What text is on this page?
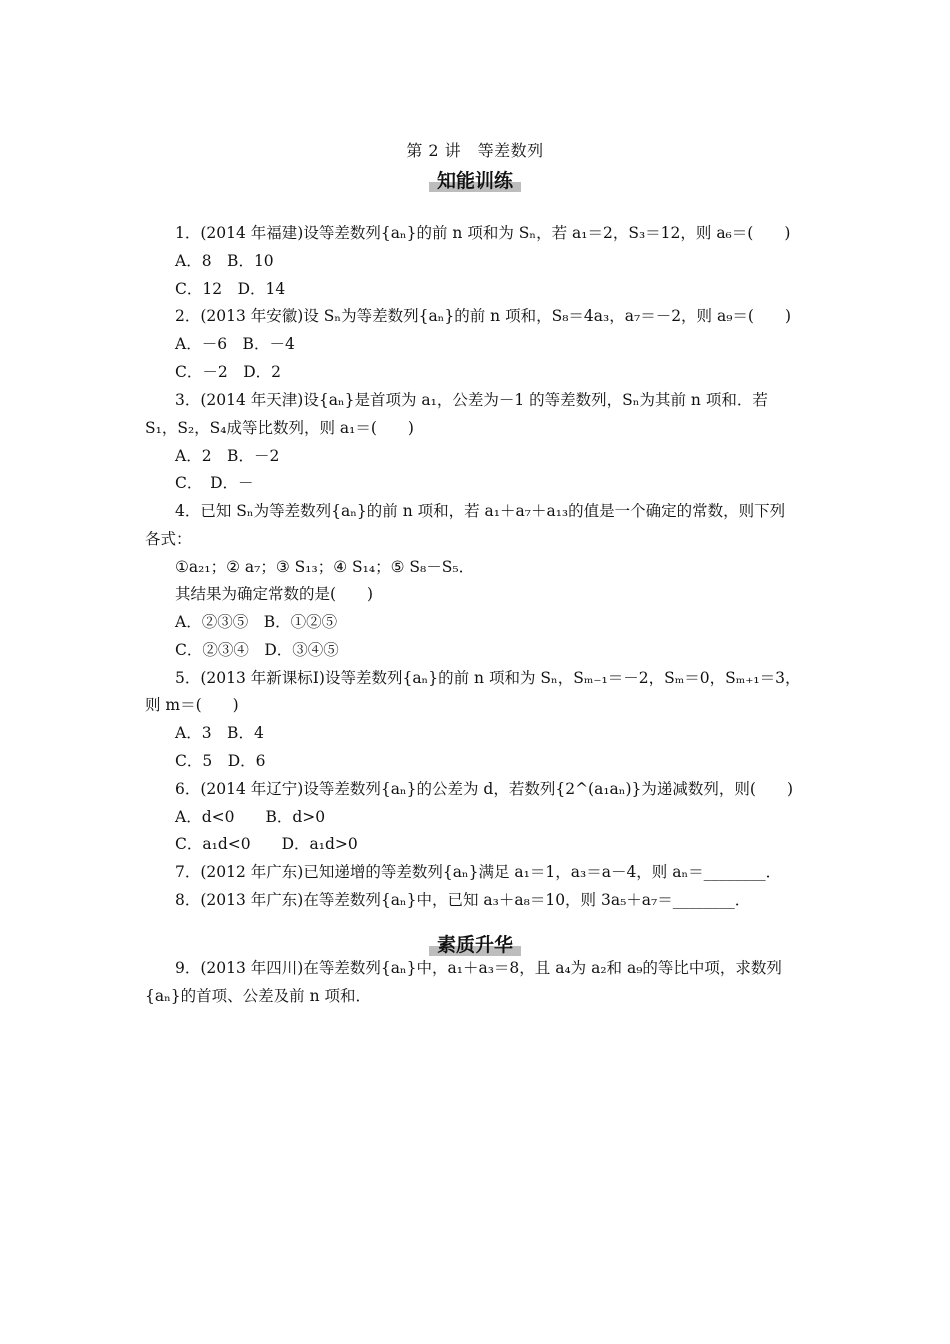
第 2 讲　等差数列
知能训练
1．(2014 年福建)设等差数列{aₙ}的前 n 项和为 Sₙ，若 a₁＝2，S₃＝12，则 a₆＝(　　)
A．8　B．10
C．12　D．14
2．(2013 年安徽)设 Sₙ为等差数列{aₙ}的前 n 项和，S₈＝4a₃，a₇＝－2，则 a₉＝(　　)
A．－6　B．－4
C．－2　D．2
3．(2014 年天津)设{aₙ}是首项为 a₁，公差为－1 的等差数列，Sₙ为其前 n 项和．若
S₁，S₂，S₄成等比数列，则 a₁＝(　　)
A．2　B．－2
C．　D．－
4．已知 Sₙ为等差数列{aₙ}的前 n 项和，若 a₁＋a₇＋a₁₃的值是一个确定的常数，则下列
各式：
①a₂₁；② a₇；③ S₁₃；④ S₁₄；⑤ S₈－S₅．
其结果为确定常数的是(　　)
A．②③⑤　B．①②⑤
C．②③④　D．③④⑤
5．(2013 年新课标Ⅰ)设等差数列{aₙ}的前 n 项和为 Sₙ，Sₘ₋₁＝－2，Sₘ＝0，Sₘ₊₁＝3，
则 m＝(　　)
A．3　B．4
C．5　D．6
6．(2014 年辽宁)设等差数列{aₙ}的公差为 d，若数列{2^(a₁aₙ)}为递减数列，则(　　)
A．d<0　　B．d>0
C．a₁d<0　　D．a₁d>0
7．(2012 年广东)已知递增的等差数列{aₙ}满足 a₁＝1，a₃＝a－4，则 aₙ＝________．
8．(2013 年广东)在等差数列{aₙ}中，已知 a₃＋a₈＝10，则 3a₅＋a₇＝________．
素质升华
9．(2013 年四川)在等差数列{aₙ}中，a₁＋a₃＝8，且 a₄为 a₂和 a₉的等比中项，求数列
{aₙ}的首项、公差及前 n 项和．
